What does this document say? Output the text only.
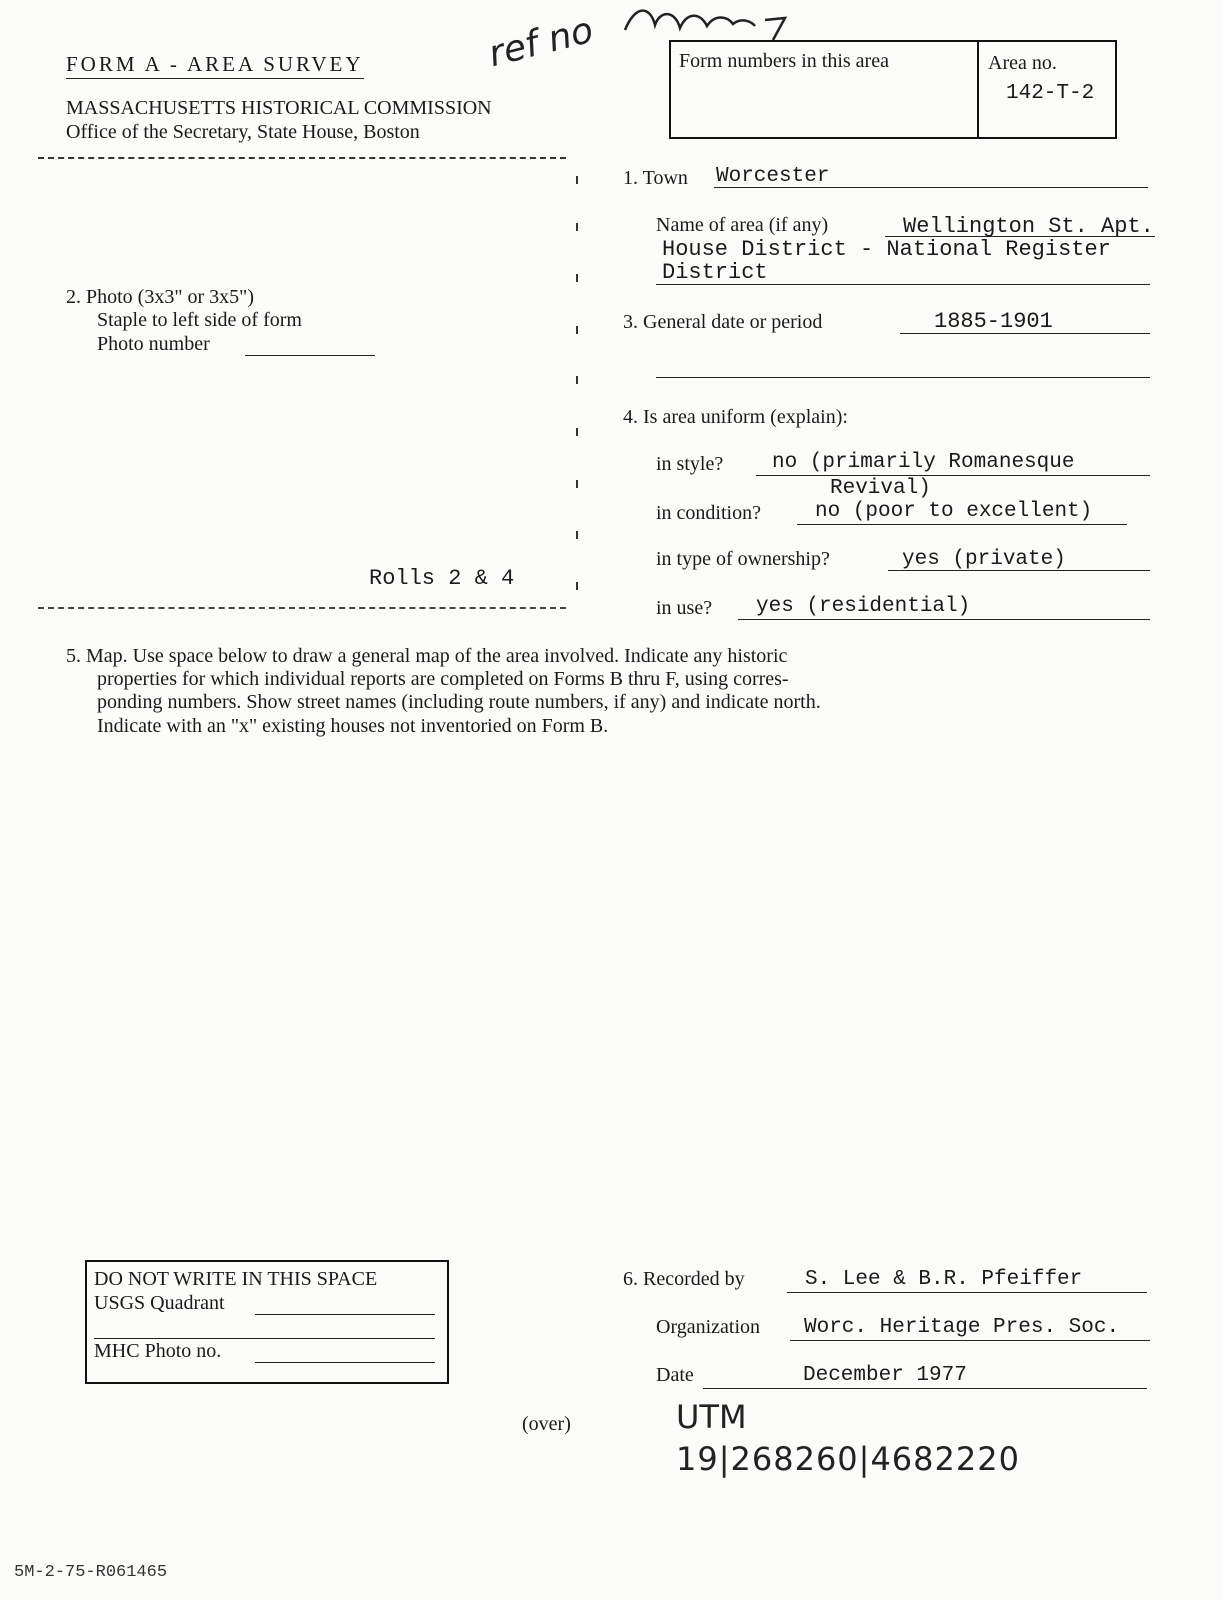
FORM A - AREA SURVEY	ref no
MASSACHUSETTS HISTORICAL COMMISSION
Office of the Secretary, State House, Boston
Form numbers in this area	Area no.
142-T-2
2. Photo (3x3" or 3x5")
Staple to left side of form
Photo number
Rolls 2 & 4
1. Town Worcester
Name of area (if any)	Wellington St. Apt.
House District - National Register
District
3. General date or period	1885-1901
4. Is area uniform (explain):
in style? no (primarily Romanesque
Revival)
in condition?	no (poor to excellent)
in type of ownership?	yes (private)
in use? yes (residential)
5. Map. Use space below to draw a general map of the area involved. Indicate any historic
properties for which individual reports are completed on Forms B thru F, using corres-
ponding numbers. Show street names (including route numbers, if any) and indicate north.
Indicate with an "x" existing houses not inventoried on Form B.
DO NOT WRITE IN THIS SPACE
USGS Quadrant
MHC Photo no.
6. Recorded by	S. Lee & B.R. Pfeiffer
Organization Worc. Heritage Pres. Soc.
Date	December 1977
(over)	UTM
19|268260|4682220
5M-2-75-R061465
